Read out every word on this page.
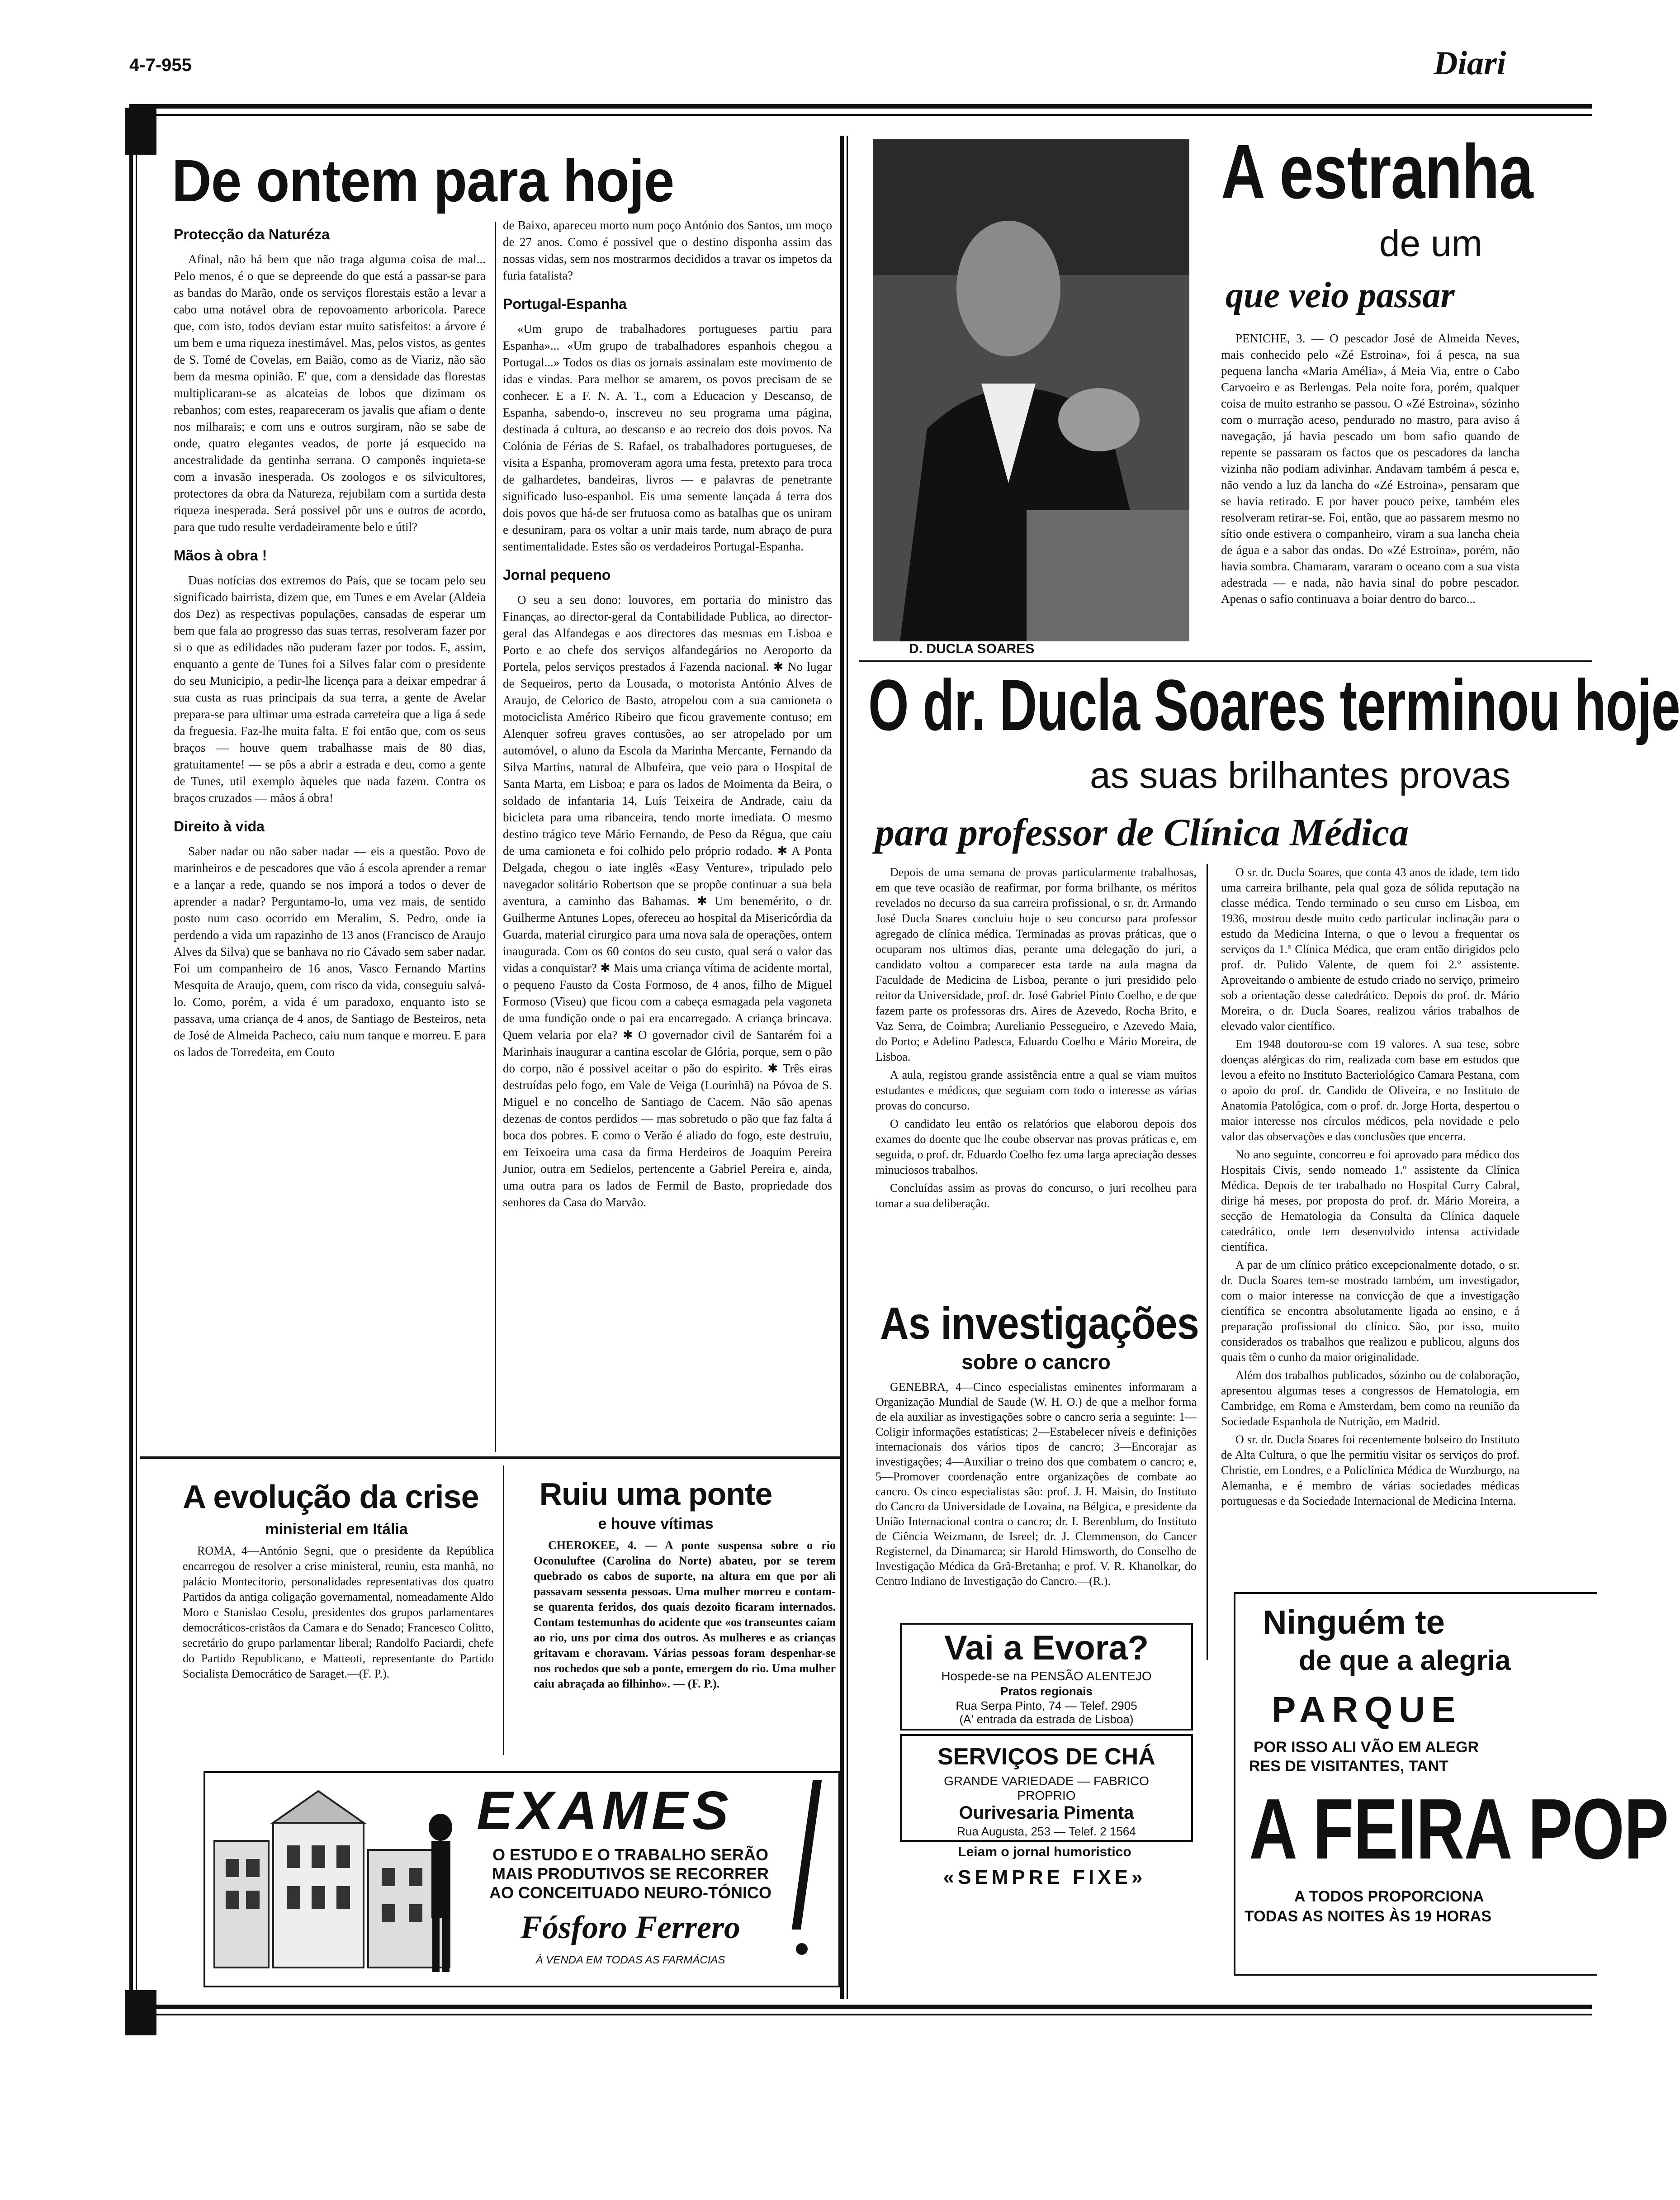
4-7-955	Diari
De ontem para hoje
Protecção da Naturéza

Afinal, não há bem que não traga alguma coisa de mal... Pelo menos, é o que se depreende do que está a passar-se para as bandas do Marão, onde os serviços florestais estão a levar a cabo uma notável obra de repovoamento arboricola. Parece que, com isto, todos deviam estar muito satisfeitos: a árvore é um bem e uma riqueza inestimável. Mas, pelos vistos, as gentes de S. Tomé de Covelas, em Baião, como as de Viariz, não são bem da mesma opinião. E' que, com a densidade das florestas multiplicaram-se as alcateias de lobos que dizimam os rebanhos; com estes, reapareceram os javalis que afiam o dente nos milharais; e com uns e outros surgiram, não se sabe de onde, quatro elegantes veados, de porte já esquecido na ancestralidade da gentinha serrana. O camponês inquieta-se com a invasão inesperada. Os zoologos e os silvicultores, protectores da obra da Natureza, rejubilam com a surtida desta riqueza inesperada. Será possivel pôr uns e outros de acordo, para que tudo resulte verdadeiramente belo e útil?

Mãos à obra !

Duas notícias dos extremos do País, que se tocam pelo seu significado bairrista, dizem que, em Tunes e em Avelar (Aldeia dos Dez) as respectivas populações, cansadas de esperar um bem que fala ao progresso das suas terras, resolveram fazer por si o que as edilidades não puderam fazer por todos. E, assim, enquanto a gente de Tunes foi a Silves falar com o presidente do seu Municipio, a pedir-lhe licença para a deixar empedrar á sua custa as ruas principais da sua terra, a gente de Avelar prepara-se para ultimar uma estrada carreteira que a liga á sede da freguesia. Faz-lhe muita falta. E foi então que, com os seus braços — houve quem trabalhasse mais de 80 dias, gratuitamente! — se pôs a abrir a estrada e deu, como a gente de Tunes, util exemplo àqueles que nada fazem. Contra os braços cruzados — mãos á obra!

Direito à vida

Saber nadar ou não saber nadar — eis a questão. Povo de marinheiros e de pescadores que vão á escola aprender a remar e a lançar a rede, quando se nos imporá a todos o dever de aprender a nadar? Perguntamo-lo, uma vez mais, de sentido posto num caso ocorrido em Meralim, S. Pedro, onde ia perdendo a vida um rapazinho de 13 anos (Francisco de Araujo Alves da Silva) que se banhava no rio Cávado sem saber nadar. Foi um companheiro de 16 anos, Vasco Fernando Martins Mesquita de Araujo, quem, com risco da vida, conseguiu salvá-lo. Como, porém, a vida é um paradoxo, enquanto isto se passava, uma criança de 4 anos, de Santiago de Besteiros, neta de José de Almeida Pacheco, caiu num tanque e morreu. E para os lados de Torredeita, em Couto

de Baixo, apareceu morto num poço António dos Santos, um moço de 27 anos. Como é possivel que o destino disponha assim das nossas vidas, sem nos mostrarmos decididos a travar os impetos da furia fatalista?

Portugal-Espanha

«Um grupo de trabalhadores portugueses partiu para Espanha»... «Um grupo de trabalhadores espanhois chegou a Portugal...» Todos os dias os jornais assinalam este movimento de idas e vindas. Para melhor se amarem, os povos precisam de se conhecer. E a F. N. A. T., com a Educacion y Descanso, de Espanha, sabendo-o, inscreveu no seu programa uma página, destinada á cultura, ao descanso e ao recreio dos dois povos. Na Colónia de Férias de S. Rafael, os trabalhadores portugueses, de visita a Espanha, promoveram agora uma festa, pretexto para troca de galhardetes, bandeiras, livros — e palavras de penetrante significado luso-espanhol. Eis uma semente lançada á terra dos dois povos que há-de ser frutuosa como as batalhas que os uniram e desuniram, para os voltar a unir mais tarde, num abraço de pura sentimentalidade. Estes são os verdadeiros Portugal-Espanha.

Jornal pequeno

O seu a seu dono: louvores, em portaria do ministro das Finanças, ao director-geral da Contabilidade Publica, ao director-geral das Alfandegas e aos directores das mesmas em Lisboa e Porto e ao chefe dos serviços alfandegários no Aeroporto da Portela, pelos serviços prestados á Fazenda nacional. ✱ No lugar de Sequeiros, perto da Lousada, o motorista António Alves de Araujo, de Celorico de Basto, atropelou com a sua camioneta o motociclista Américo Ribeiro que ficou gravemente contuso; em Alenquer sofreu graves contusões, ao ser atropelado por um automóvel, o aluno da Escola da Marinha Mercante, Fernando da Silva Martins, natural de Albufeira, que veio para o Hospital de Santa Marta, em Lisboa; e para os lados de Moimenta da Beira, o soldado de infantaria 14, Luís Teixeira de Andrade, caiu da bicicleta para uma ribanceira, tendo morte imediata. O mesmo destino trágico teve Mário Fernando, de Peso da Régua, que caiu de uma camioneta e foi colhido pelo próprio rodado. ✱ A Ponta Delgada, chegou o iate inglês «Easy Venture», tripulado pelo navegador solitário Robertson que se propõe continuar a sua bela aventura, a caminho das Bahamas. ✱ Um benemérito, o dr. Guilherme Antunes Lopes, ofereceu ao hospital da Misericórdia da Guarda, material cirurgico para uma nova sala de operações, ontem inaugurada. Com os 60 contos do seu custo, qual será o valor das vidas a conquistar? ✱ Mais uma criança vítima de acidente mortal, o pequeno Fausto da Costa Formoso, de 4 anos, filho de Miguel Formoso (Viseu) que ficou com a cabeça esmagada pela vagoneta de uma fundição onde o pai era encarregado. A criança brincava. Quem velaria por ela? ✱ O governador civil de Santarém foi a Marinhais inaugurar a cantina escolar de Glória, porque, sem o pão do corpo, não é possivel aceitar o pão do espirito. ✱ Três eiras destruídas pelo fogo, em Vale de Veiga (Lourinhã) na Póvoa de S. Miguel e no concelho de Santiago de Cacem. Não são apenas dezenas de contos perdidos — mas sobretudo o pão que faz falta á boca dos pobres. E como o Verão é aliado do fogo, este destruiu, em Teixoeira uma casa da firma Herdeiros de Joaquim Pereira Junior, outra em Sedielos, pertencente a Gabriel Pereira e, ainda, uma outra para os lados de Fermil de Basto, propriedade dos senhores da Casa do Marvão.

A evolução da crise
ministerial em Itália
ROMA, 4—António Segni, que o presidente da República encarregou de resolver a crise ministeral, reuniu, esta manhã, no palácio Montecitorio, personalidades representativas dos quatro Partidos da antiga coligação governamental, nomeadamente Aldo Moro e Stanislao Cesolu, presidentes dos grupos parlamentares democráticos-cristãos da Camara e do Senado; Francesco Colitto, secretário do grupo parlamentar liberal; Randolfo Paciardi, chefe do Partido Republicano, e Matteoti, representante do Partido Socialista Democrático de Saraget.—(F. P.).
Ruiu uma ponte
e houve vítimas
CHEROKEE, 4. — A ponte suspensa sobre o rio Oconuluftee (Carolina do Norte) abateu, por se terem quebrado os cabos de suporte, na altura em que por ali passavam sessenta pessoas. Uma mulher morreu e contam-se quarenta feridos, dos quais dezoito ficaram internados. Contam testemunhas do acidente que «os transeuntes caiam ao rio, uns por cima dos outros. As mulheres e as crianças gritavam e choravam. Várias pessoas foram despenhar-se nos rochedos que sob a ponte, emergem do rio. Uma mulher caiu abraçada ao filhinho». — (F. P.).
EXAMES
O ESTUDO E O TRABALHO SERÃO
MAIS PRODUTIVOS SE RECORRER
AO CONCEITUADO NEURO-TÓNICO
Fósforo Ferrero
À VENDA EM TODAS AS FARMÁCIAS
D. DUCLA SOARES
A estranha
de um
que veio passar
PENICHE, 3. — O pescador José de Almeida Neves, mais conhecido pelo «Zé Estroina», foi á pesca, na sua pequena lancha «Maria Amélia», á Meia Via, entre o Cabo Carvoeiro e as Berlengas. Pela noite fora, porém, qualquer coisa de muito estranho se passou. O «Zé Estroina», sózinho com o murração aceso, pendurado no mastro, para aviso á navegação, já havia pescado um bom safio quando de repente se passaram os factos que os pescadores da lancha vizinha não podiam adivinhar. Andavam também á pesca e, não vendo a luz da lancha do «Zé Estroina», pensaram que se havia retirado. E por haver pouco peixe, também eles resolveram retirar-se. Foi, então, que ao passarem mesmo no sítio onde estivera o companheiro, viram a sua lancha cheia de água e a sabor das ondas. Do «Zé Estroina», porém, não havia sombra. Chamaram, vararam o oceano com a sua vista adestrada — e nada, não havia sinal do pobre pescador. Apenas o safio continuava a boiar dentro do barco...
O dr. Ducla Soares terminou hoje
as suas brilhantes provas
para professor de Clínica Médica

Depois de uma semana de provas particularmente trabalhosas, em que teve ocasião de reafirmar, por forma brilhante, os méritos revelados no decurso da sua carreira profissional, o sr. dr. Armando José Ducla Soares concluiu hoje o seu concurso para professor agregado de clínica médica. Terminadas as provas práticas, que o ocuparam nos ultimos dias, perante uma delegação do juri, a candidato voltou a comparecer esta tarde na aula magna da Faculdade de Medicina de Lisboa, perante o juri presidido pelo reitor da Universidade, prof. dr. José Gabriel Pinto Coelho, e de que fazem parte os professoras drs. Aires de Azevedo, Rocha Brito, e Vaz Serra, de Coimbra; Aurelianio Pessegueiro, e Azevedo Maia, do Porto; e Adelino Padesca, Eduardo Coelho e Mário Moreira, de Lisboa.

A aula, registou grande assistência entre a qual se viam muitos estudantes e médicos, que seguiam com todo o interesse as várias provas do concurso.

O candidato leu então os relatórios que elaborou depois dos exames do doente que lhe coube observar nas provas práticas e, em seguida, o prof. dr. Eduardo Coelho fez uma larga apreciação desses minuciosos trabalhos.

Concluídas assim as provas do concurso, o juri recolheu para tomar a sua deliberação.

O sr. dr. Ducla Soares, que conta 43 anos de idade, tem tido uma carreira brilhante, pela qual goza de sólida reputação na classe médica. Tendo terminado o seu curso em Lisboa, em 1936, mostrou desde muito cedo particular inclinação para o estudo da Medicina Interna, o que o levou a frequentar os serviços da 1.ª Clínica Médica, que eram então dirigidos pelo prof. dr. Pulido Valente, de quem foi 2.º assistente. Aproveitando o ambiente de estudo criado no serviço, primeiro sob a orientação desse catedrático. Depois do prof. dr. Mário Moreira, o dr. Ducla Soares, realizou vários trabalhos de elevado valor científico.

Em 1948 doutorou-se com 19 valores. A sua tese, sobre doenças alérgicas do rim, realizada com base em estudos que levou a efeito no Instituto Bacteriológico Camara Pestana, com o apoio do prof. dr. Candido de Oliveira, e no Instituto de Anatomia Patológica, com o prof. dr. Jorge Horta, despertou o maior interesse nos círculos médicos, pela novidade e pelo valor das observações e das conclusões que encerra.

No ano seguinte, concorreu e foi aprovado para médico dos Hospitais Civis, sendo nomeado 1.º assistente da Clínica Médica. Depois de ter trabalhado no Hospital Curry Cabral, dirige há meses, por proposta do prof. dr. Mário Moreira, a secção de Hematologia da Consulta da Clínica daquele catedrático, onde tem desenvolvido intensa actividade científica.

A par de um clínico prático excepcionalmente dotado, o sr. dr. Ducla Soares tem-se mostrado também, um investigador, com o maior interesse na convicção de que a investigação científica se encontra absolutamente ligada ao ensino, e á preparação profissional do clínico. São, por isso, muito considerados os trabalhos que realizou e publicou, alguns dos quais têm o cunho da maior originalidade.

Além dos trabalhos publicados, sózinho ou de colaboração, apresentou algumas teses a congressos de Hematologia, em Cambridge, em Roma e Amsterdam, bem como na reunião da Sociedade Espanhola de Nutrição, em Madrid.

O sr. dr. Ducla Soares foi recentemente bolseiro do Instituto de Alta Cultura, o que lhe permitiu visitar os serviços do prof. Christie, em Londres, e a Policlínica Médica de Wurzburgo, na Alemanha, e é membro de várias sociedades médicas portuguesas e da Sociedade Internacional de Medicina Interna.

As investigações
sobre o cancro
GENEBRA, 4—Cinco especialistas eminentes informaram a Organização Mundial de Saude (W. H. O.) de que a melhor forma de ela auxiliar as investigações sobre o cancro seria a seguinte: 1—Coligir informações estatísticas; 2—Estabelecer níveis e definições internacionais dos vários tipos de cancro; 3—Encorajar as investigações; 4—Auxiliar o treino dos que combatem o cancro; e, 5—Promover coordenação entre organizações de combate ao cancro. Os cinco especialistas são: prof. J. H. Maisin, do Instituto do Cancro da Universidade de Lovaina, na Bélgica, e presidente da União Internacional contra o cancro; dr. I. Berenblum, do Instituto de Ciência Weizmann, de Isreel; dr. J. Clemmenson, do Cancer Registernel, da Dinamarca; sir Harold Himsworth, do Conselho de Investigação Médica da Grã-Bretanha; e prof. V. R. Khanolkar, do Centro Indiano de Investigação do Cancro.—(R.).
Vai a Evora?
Hospede-se na PENSÃO ALENTEJO
Pratos regionais
Rua Serpa Pinto, 74 — Telef. 2905
(A' entrada da estrada de Lisboa)
SERVIÇOS DE CHÁ
GRANDE VARIEDADE — FABRICO
PROPRIO
Ourivesaria Pimenta
Rua Augusta, 253 — Telef. 2 1564
Leiam o jornal humoristico
«SEMPRE FIXE»
Ninguém te
de que a alegria
PARQUE
POR ISSO ALI VÃO EM ALEGR
RES DE VISITANTES, TANT
A FEIRA POP
A TODOS PROPORCIONA
TODAS AS NOITES ÀS 19 HORAS
